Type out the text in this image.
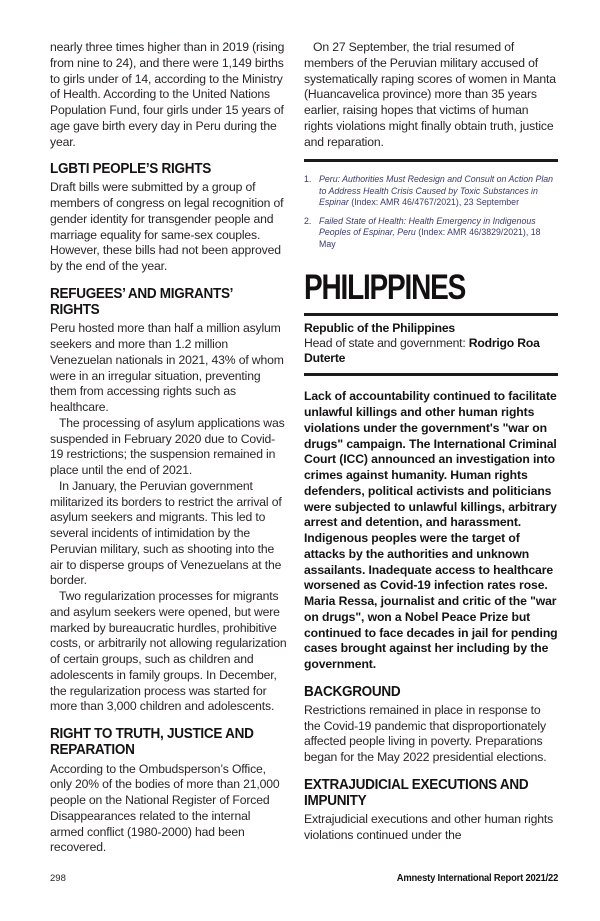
nearly three times higher than in 2019 (rising from nine to 24), and there were 1,149 births to girls under of 14, according to the Ministry of Health. According to the United Nations Population Fund, four girls under 15 years of age gave birth every day in Peru during the year.

LGBTI PEOPLE’S RIGHTS

Draft bills were submitted by a group of members of congress on legal recognition of gender identity for transgender people and marriage equality for same-sex couples. However, these bills had not been approved by the end of the year.

REFUGEES’ AND MIGRANTS’ RIGHTS

Peru hosted more than half a million asylum seekers and more than 1.2 million Venezuelan nationals in 2021, 43% of whom were in an irregular situation, preventing them from accessing rights such as healthcare.

The processing of asylum applications was suspended in February 2020 due to Covid-19 restrictions; the suspension remained in place until the end of 2021.

In January, the Peruvian government militarized its borders to restrict the arrival of asylum seekers and migrants. This led to several incidents of intimidation by the Peruvian military, such as shooting into the air to disperse groups of Venezuelans at the border.

Two regularization processes for migrants and asylum seekers were opened, but were marked by bureaucratic hurdles, prohibitive costs, or arbitrarily not allowing regularization of certain groups, such as children and adolescents in family groups. In December, the regularization process was started for more than 3,000 children and adolescents.

RIGHT TO TRUTH, JUSTICE AND REPARATION

According to the Ombudsperson’s Office, only 20% of the bodies of more than 21,000 people on the National Register of Forced Disappearances related to the internal armed conflict (1980-2000) had been recovered.

On 27 September, the trial resumed of members of the Peruvian military accused of systematically raping scores of women in Manta (Huancavelica province) more than 35 years earlier, raising hopes that victims of human rights violations might finally obtain truth, justice and reparation.

1. Peru: Authorities Must Redesign and Consult on Action Plan to Address Health Crisis Caused by Toxic Substances in Espinar (Index: AMR 46/4767/2021), 23 September
2. Failed State of Health: Health Emergency in Indigenous Peoples of Espinar, Peru (Index: AMR 46/3829/2021), 18 May
PHILIPPINES

Republic of the Philippines

Head of state and government: Rodrigo Roa Duterte

Lack of accountability continued to facilitate unlawful killings and other human rights violations under the government's "war on drugs" campaign. The International Criminal Court (ICC) announced an investigation into crimes against humanity. Human rights defenders, political activists and politicians were subjected to unlawful killings, arbitrary arrest and detention, and harassment. Indigenous peoples were the target of attacks by the authorities and unknown assailants. Inadequate access to healthcare worsened as Covid-19 infection rates rose. Maria Ressa, journalist and critic of the "war on drugs", won a Nobel Peace Prize but continued to face decades in jail for pending cases brought against her including by the government.

BACKGROUND

Restrictions remained in place in response to the Covid-19 pandemic that disproportionately affected people living in poverty. Preparations began for the May 2022 presidential elections.

EXTRAJUDICIAL EXECUTIONS AND IMPUNITY

Extrajudicial executions and other human rights violations continued under the

298	Amnesty International Report 2021/22
